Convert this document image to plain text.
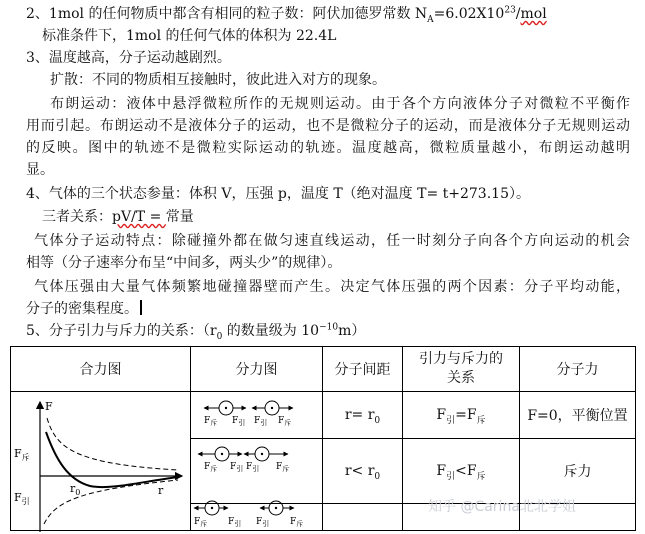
2、1mol 的任何物质中都含有相同的粒子数：阿伏加德罗常数 $N_A=6.02X10^{23}$/mol
标准条件下，1mol 的任何气体的体积为 22.4L
3、温度越高，分子运动越剧烈。
扩散：不同的物质相互接触时，彼此进入对方的现象。
布朗运动：液体中悬浮微粒所作的无规则运动。由于各个方向液体分子对微粒不平衡作
用而引起。布朗运动不是液体分子的运动，也不是微粒分子的运动，而是液体分子无规则运动
的反映。图中的轨迹不是微粒实际运动的轨迹。温度越高，微粒质量越小，布朗运动越明
显。
4、气体的三个状态参量：体积 V，压强 p，温度 T（绝对温度 T= t+273.15）。
三者关系：pV/T = 常量
气体分子运动特点：除碰撞外都在做匀速直线运动，任一时刻分子向各个方向运动的机会
相等（分子速率分布呈“中间多，两头少”的规律）。
气体压强由大量气体频繁地碰撞器壁而产生。决定气体压强的两个因素：分子平均动能，
分子的密集程度。
5、分子引力与斥力的关系：（$r_0$ 的数量级为 $10^{-10}m$）
合力图	分力图	分子间距	引力与斥力的关系	分子力
		$r= r_0$	$F_引=F_斥$	F=0，平衡位置
		$r< r_0$	$F_引<F_斥$	斥力

F
r
$r_0$
$F_斥$
$F_引$
$F_斥$ $F_引$ $F_引$ $F_斥$
$F_斥$ $F_引$ $F_引$ $F_斥$
$F_斥$ $F_引$ $F_引$ $F_斥$
知乎 @Carina北北学姐
